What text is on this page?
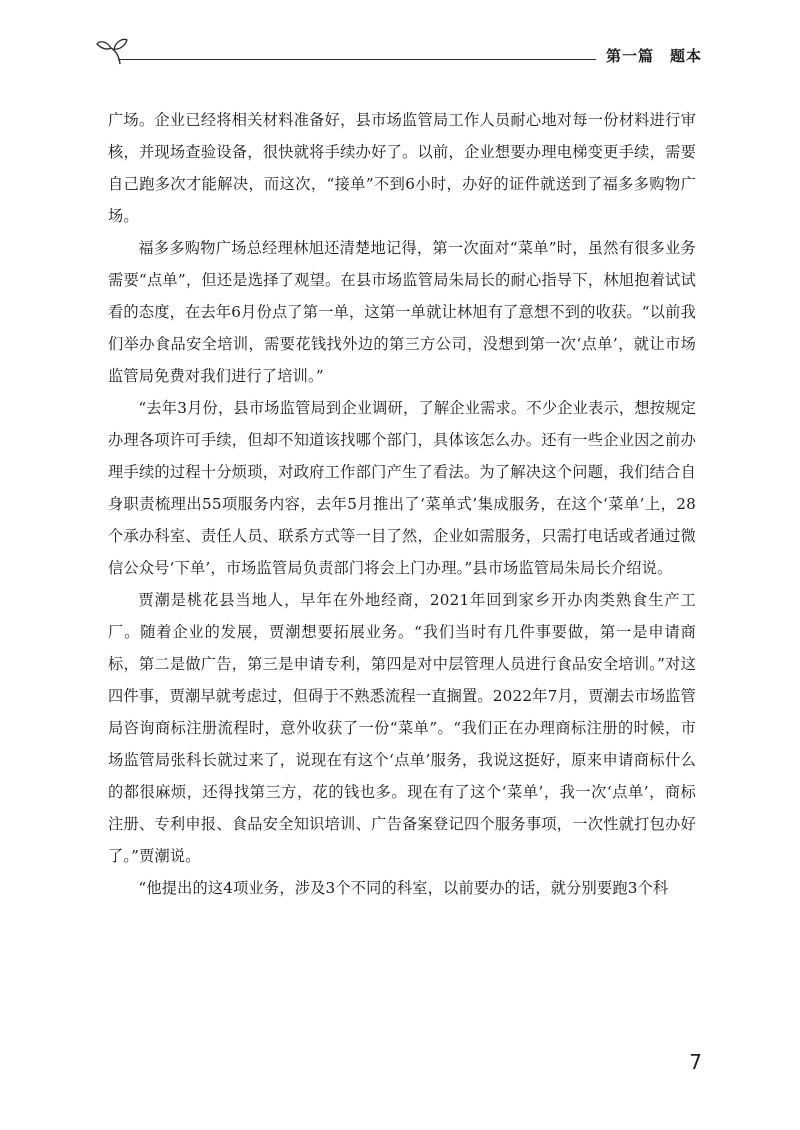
第一篇　题本

广场。企业已经将相关材料准备好，县市场监管局工作人员耐心地对每一份材料进行审核，并现场查验设备，很快就将手续办好了。以前，企业想要办理电梯变更手续，需要自己跑多次才能解决，而这次，“接单”不到6小时，办好的证件就送到了福多多购物广场。

福多多购物广场总经理林旭还清楚地记得，第一次面对“菜单”时，虽然有很多业务需要“点单”，但还是选择了观望。在县市场监管局朱局长的耐心指导下，林旭抱着试试看的态度，在去年6月份点了第一单，这第一单就让林旭有了意想不到的收获。“以前我们举办食品安全培训，需要花钱找外边的第三方公司，没想到第一次‘点单’，就让市场监管局免费对我们进行了培训。”

“去年3月份，县市场监管局到企业调研，了解企业需求。不少企业表示，想按规定办理各项许可手续，但却不知道该找哪个部门，具体该怎么办。还有一些企业因之前办理手续的过程十分烦琐，对政府工作部门产生了看法。为了解决这个问题，我们结合自身职责梳理出55项服务内容，去年5月推出了‘菜单式’集成服务，在这个‘菜单’上，28个承办科室、责任人员、联系方式等一目了然，企业如需服务，只需打电话或者通过微信公众号‘下单’，市场监管局负责部门将会上门办理。”县市场监管局朱局长介绍说。

贾潮是桃花县当地人，早年在外地经商，2021年回到家乡开办肉类熟食生产工厂。随着企业的发展，贾潮想要拓展业务。“我们当时有几件事要做，第一是申请商标，第二是做广告，第三是申请专利，第四是对中层管理人员进行食品安全培训。”对这四件事，贾潮早就考虑过，但碍于不熟悉流程一直搁置。2022年7月，贾潮去市场监管局咨询商标注册流程时，意外收获了一份“菜单”。“我们正在办理商标注册的时候，市场监管局张科长就过来了，说现在有这个‘点单’服务，我说这挺好，原来申请商标什么的都很麻烦，还得找第三方，花的钱也多。现在有了这个‘菜单’，我一次‘点单’，商标注册、专利申报、食品安全知识培训、广告备案登记四个服务事项，一次性就打包办好了。”贾潮说。

“他提出的这4项业务，涉及3个不同的科室，以前要办的话，就分别要跑3个科

7
